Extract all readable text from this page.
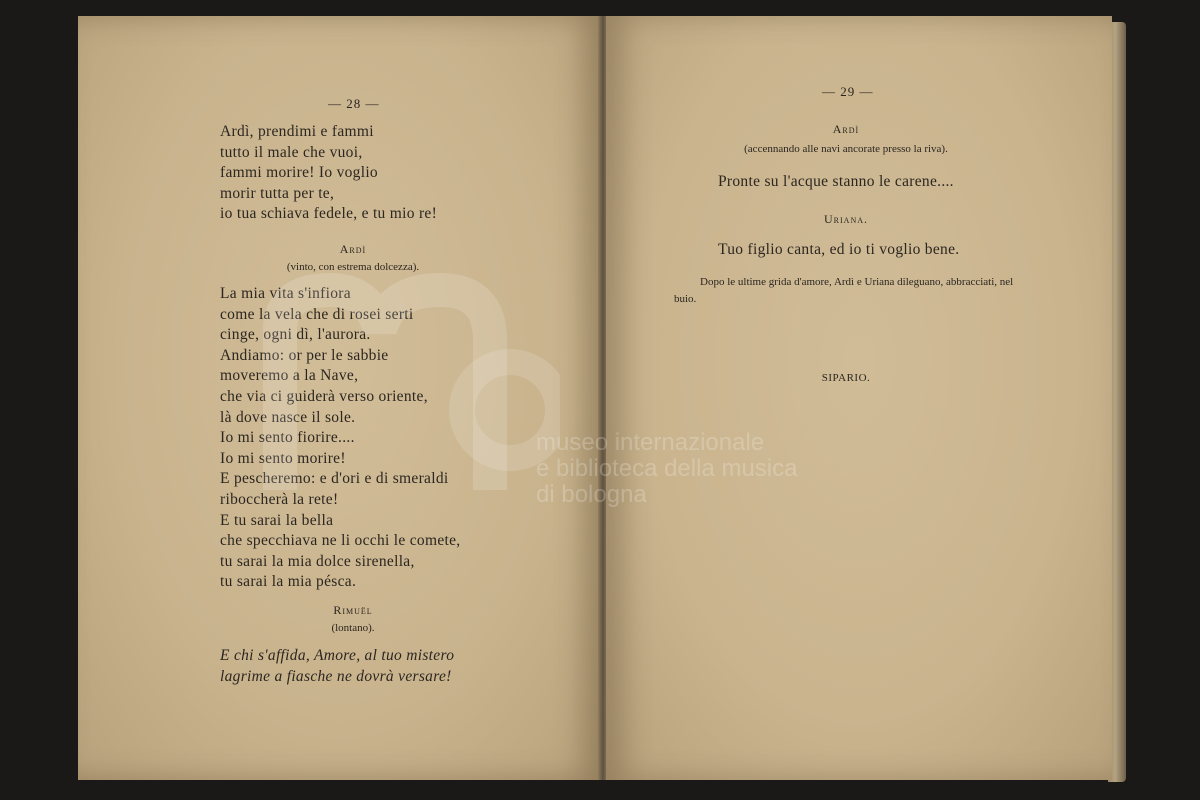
— 28 —
Ardì, prendimi e fammi
tutto il male che vuoi,
fammi morire! Io voglio
morir tutta per te,
io tua schiava fedele, e tu mio re!
Ardì
(vinto, con estrema dolcezza).
La mia vita s'infiora
come la vela che di rosei serti
cinge, ogni dì, l'aurora.
Andiamo: or per le sabbie
moveremo a la Nave,
che via ci guiderà verso oriente,
là dove nasce il sole.
Io mi sento fiorire....
Io mi sento morire!
E pescheremo: e d'ori e di smeraldi
riboccherà la rete!
E tu sarai la bella
che specchiava ne li occhi le comete,
tu sarai la mia dolce sirenella,
tu sarai la mia pésca.
Rimuël
(lontano).
E chi s'affida, Amore, al tuo mistero
lagrime a fiasche ne dovrà versare!
— 29 —
Ardì
(accennando alle navi ancorate presso la riva).
Pronte su l'acque stanno le carene....
Uriana.
Tuo figlio canta, ed io ti voglio bene.
Dopo le ultime grida d'amore, Ardì e Uriana dileguano, abbracciati, nel buio.
SIPARIO.
museo internazionale
e biblioteca della musica
di bologna
